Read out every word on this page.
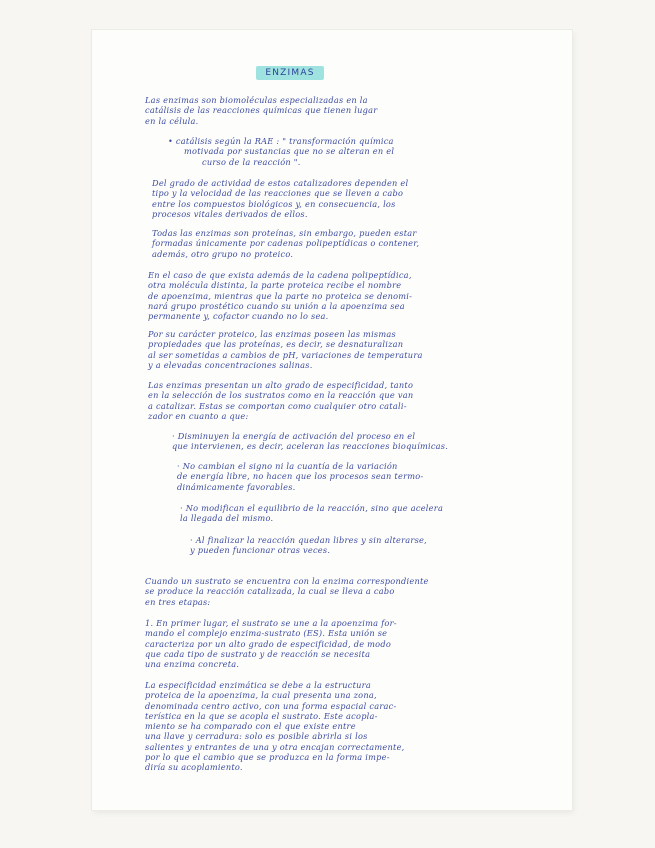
ENZIMAS
Las enzimas son biomoléculas especializadas en la
catálisis de las reacciones químicas que tienen lugar
en la célula.
• catálisis según la RAE : " transformación química
motivada por sustancias que no se alteran en el
curso de la reacción ".
Del grado de actividad de estos catalizadores dependen el
tipo y la velocidad de las reacciones que se lleven a cabo
entre los compuestos biológicos y, en consecuencia, los
procesos vitales derivados de ellos.
Todas las enzimas son proteínas, sin embargo, pueden estar
formadas únicamente por cadenas polipeptídicas o contener,
además, otro grupo no proteico.
En el caso de que exista además de la cadena polipeptídica,
otra molécula distinta, la parte proteica recibe el nombre
de apoenzima, mientras que la parte no proteica se denomi-
nará grupo prostético cuando su unión a la apoenzima sea
permanente y, cofactor cuando no lo sea.
Por su carácter proteico, las enzimas poseen las mismas
propiedades que las proteínas, es decir, se desnaturalizan
al ser sometidas a cambios de pH, variaciones de temperatura
y a elevadas concentraciones salinas.
Las enzimas presentan un alto grado de especificidad, tanto
en la selección de los sustratos como en la reacción que van
a catalizar. Estas se comportan como cualquier otro catali-
zador en cuanto a que:
· Disminuyen la energía de activación del proceso en el
que intervienen, es decir, aceleran las reacciones bioquímicas.
· No cambian el signo ni la cuantía de la variación
de energía libre, no hacen que los procesos sean termo-
dinámicamente favorables.
· No modifican el equilibrio de la reacción, sino que acelera
la llegada del mismo.
· Al finalizar la reacción quedan libres y sin alterarse,
y pueden funcionar otras veces.
Cuando un sustrato se encuentra con la enzima correspondiente
se produce la reacción catalizada, la cual se lleva a cabo
en tres etapas:
1. En primer lugar, el sustrato se une a la apoenzima for-
mando el complejo enzima-sustrato (ES). Esta unión se
caracteriza por un alto grado de especificidad, de modo
que cada tipo de sustrato y de reacción se necesita
una enzima concreta.
La especificidad enzimática se debe a la estructura
proteica de la apoenzima, la cual presenta una zona,
denominada centro activo, con una forma espacial carac-
terística en la que se acopla el sustrato. Este acopla-
miento se ha comparado con el que existe entre
una llave y cerradura: solo es posible abrirla si los
salientes y entrantes de una y otra encajan correctamente,
por lo que el cambio que se produzca en la forma impe-
diría su acoplamiento.
